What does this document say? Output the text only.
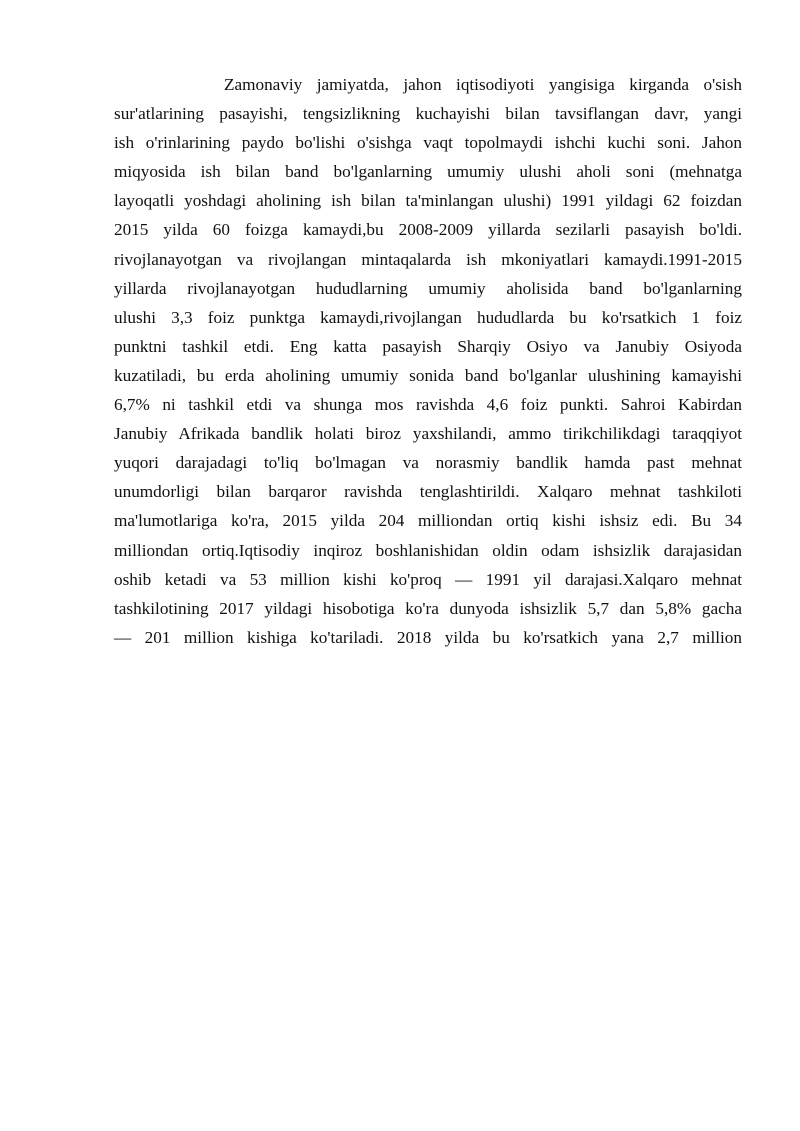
Zamonaviy jamiyatda, jahon iqtisodiyoti yangisiga kirganda o'sish
sur'atlarining pasayishi, tengsizlikning kuchayishi bilan tavsiflangan davr, yangi
ish o'rinlarining paydo bo'lishi o'sishga vaqt topolmaydi ishchi kuchi soni. Jahon
miqyosida ish bilan band bo'lganlarning umumiy ulushi aholi soni (mehnatga
layoqatli yoshdagi aholining ish bilan ta'minlangan ulushi) 1991 yildagi 62 foizdan
2015 yilda 60 foizga kamaydi,bu 2008-2009 yillarda sezilarli pasayish bo'ldi.
rivojlanayotgan va rivojlangan mintaqalarda ish mkoniyatlari kamaydi.1991-2015
yillarda rivojlanayotgan hududlarning umumiy aholisida band bo'lganlarning
ulushi 3,3 foiz punktga kamaydi,rivojlangan hududlarda bu ko'rsatkich 1 foiz
punktni tashkil etdi. Eng katta pasayish Sharqiy Osiyo va Janubiy Osiyoda
kuzatiladi, bu erda aholining umumiy sonida band bo'lganlar ulushining kamayishi
6,7% ni tashkil etdi va shunga mos ravishda 4,6 foiz punkti. Sahroi Kabirdan
Janubiy Afrikada bandlik holati biroz yaxshilandi, ammo tirikchilikdagi taraqqiyot
yuqori darajadagi to'liq bo'lmagan va norasmiy bandlik hamda past mehnat
unumdorligi bilan barqaror ravishda tenglashtirildi. Xalqaro mehnat tashkiloti
ma'lumotlariga ko'ra, 2015 yilda 204 milliondan ortiq kishi ishsiz edi. Bu 34
milliondan ortiq.Iqtisodiy inqiroz boshlanishidan oldin odam ishsizlik darajasidan
oshib ketadi va 53 million kishi ko'proq — 1991 yil darajasi.Xalqaro mehnat
tashkilotining 2017 yildagi hisobotiga ko'ra dunyoda ishsizlik 5,7 dan 5,8% gacha
— 201 million kishiga ko'tariladi. 2018 yilda bu ko'rsatkich yana 2,7 million
